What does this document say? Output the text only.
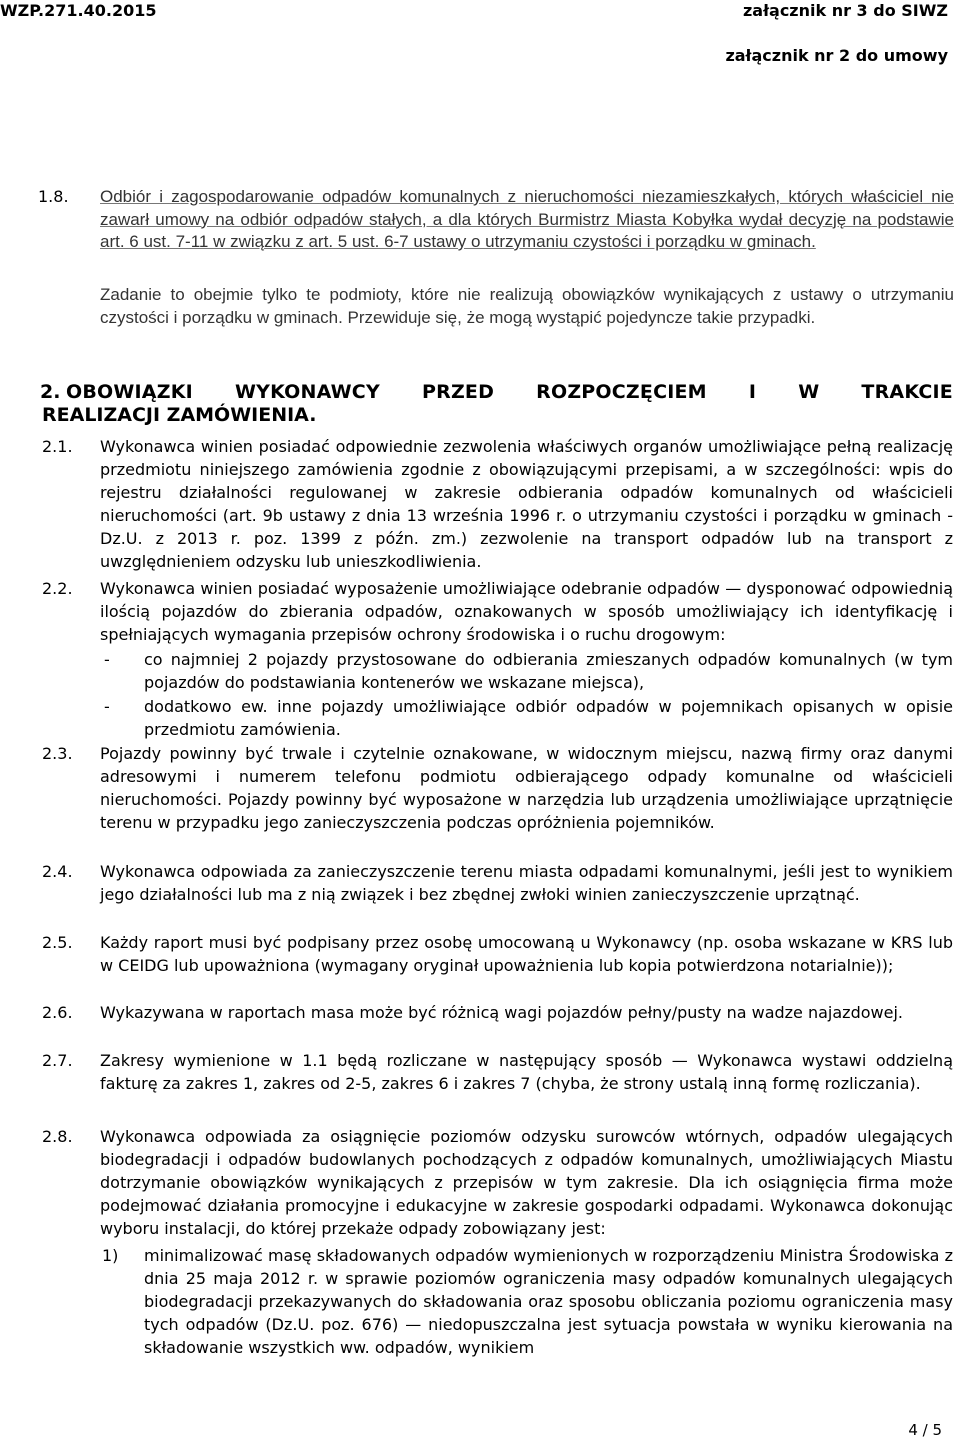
WZP.271.40.2015	załącznik nr 3 do SIWZ
załącznik nr 2 do umowy
1.8. Odbiór i zagospodarowanie odpadów komunalnych z nieruchomości niezamieszkałych, których właściciel nie zawarł umowy na odbiór odpadów stałych, a dla których Burmistrz Miasta Kobyłka wydał decyzję na podstawie art. 6 ust. 7-11 w związku z art. 5 ust. 6-7 ustawy o utrzymaniu czystości i porządku w gminach.
Zadanie to obejmie tylko te podmioty, które nie realizują obowiązków wynikających z ustawy o utrzymaniu czystości i porządku w gminach. Przewiduje się, że mogą wystąpić pojedyncze takie przypadki.
2. OBOWIĄZKI WYKONAWCY PRZED ROZPOCZĘCIEM I W TRAKCIE
REALIZACJI ZAMÓWIENIA.
2.1. Wykonawca winien posiadać odpowiednie zezwolenia właściwych organów umożliwiające pełną realizację przedmiotu niniejszego zamówienia zgodnie z obowiązującymi przepisami, a w szczególności: wpis do rejestru działalności regulowanej w zakresie odbierania odpadów komunalnych od właścicieli nieruchomości (art. 9b ustawy z dnia 13 września 1996 r. o utrzymaniu czystości i porządku w gminach - Dz.U. z 2013 r. poz. 1399 z późn. zm.) zezwolenie na transport odpadów lub na transport z uwzględnieniem odzysku lub unieszkodliwienia.
2.2. Wykonawca winien posiadać wyposażenie umożliwiające odebranie odpadów — dysponować odpowiednią ilością pojazdów do zbierania odpadów, oznakowanych w sposób umożliwiający ich identyfikację i spełniających wymagania przepisów ochrony środowiska i o ruchu drogowym:
- co najmniej 2 pojazdy przystosowane do odbierania zmieszanych odpadów komunalnych (w tym pojazdów do podstawiania kontenerów we wskazane miejsca),
- dodatkowo ew. inne pojazdy umożliwiające odbiór odpadów w pojemnikach opisanych w opisie przedmiotu zamówienia.
2.3. Pojazdy powinny być trwale i czytelnie oznakowane, w widocznym miejscu, nazwą firmy oraz danymi adresowymi i numerem telefonu podmiotu odbierającego odpady komunalne od właścicieli nieruchomości. Pojazdy powinny być wyposażone w narzędzia lub urządzenia umożliwiające uprzątnięcie terenu w przypadku jego zanieczyszczenia podczas opróżnienia pojemników.
2.4. Wykonawca odpowiada za zanieczyszczenie terenu miasta odpadami komunalnymi, jeśli jest to wynikiem jego działalności lub ma z nią związek i bez zbędnej zwłoki winien zanieczyszczenie uprzątnąć.
2.5. Każdy raport musi być podpisany przez osobę umocowaną u Wykonawcy (np. osoba wskazane w KRS lub w CEIDG lub upoważniona (wymagany oryginał upoważnienia lub kopia potwierdzona notarialnie));
2.6. Wykazywana w raportach masa może być różnicą wagi pojazdów pełny/pusty na wadze najazdowej.
2.7. Zakresy wymienione w 1.1 będą rozliczane w następujący sposób — Wykonawca wystawi oddzielną fakturę za zakres 1, zakres od 2-5, zakres 6 i zakres 7 (chyba, że strony ustalą inną formę rozliczania).
2.8. Wykonawca odpowiada za osiągnięcie poziomów odzysku surowców wtórnych, odpadów ulegających biodegradacji i odpadów budowlanych pochodzących z odpadów komunalnych, umożliwiających Miastu dotrzymanie obowiązków wynikających z przepisów w tym zakresie. Dla ich osiągnięcia firma może podejmować działania promocyjne i edukacyjne w zakresie gospodarki odpadami. Wykonawca dokonując wyboru instalacji, do której przekaże odpady zobowiązany jest:
1) minimalizować masę składowanych odpadów wymienionych w rozporządzeniu Ministra Środowiska z dnia 25 maja 2012 r. w sprawie poziomów ograniczenia masy odpadów komunalnych ulegających biodegradacji przekazywanych do składowania oraz sposobu obliczania poziomu ograniczenia masy tych odpadów (Dz.U. poz. 676) — niedopuszczalna jest sytuacja powstała w wyniku kierowania na składowanie wszystkich ww. odpadów, wynikiem
4 / 5
